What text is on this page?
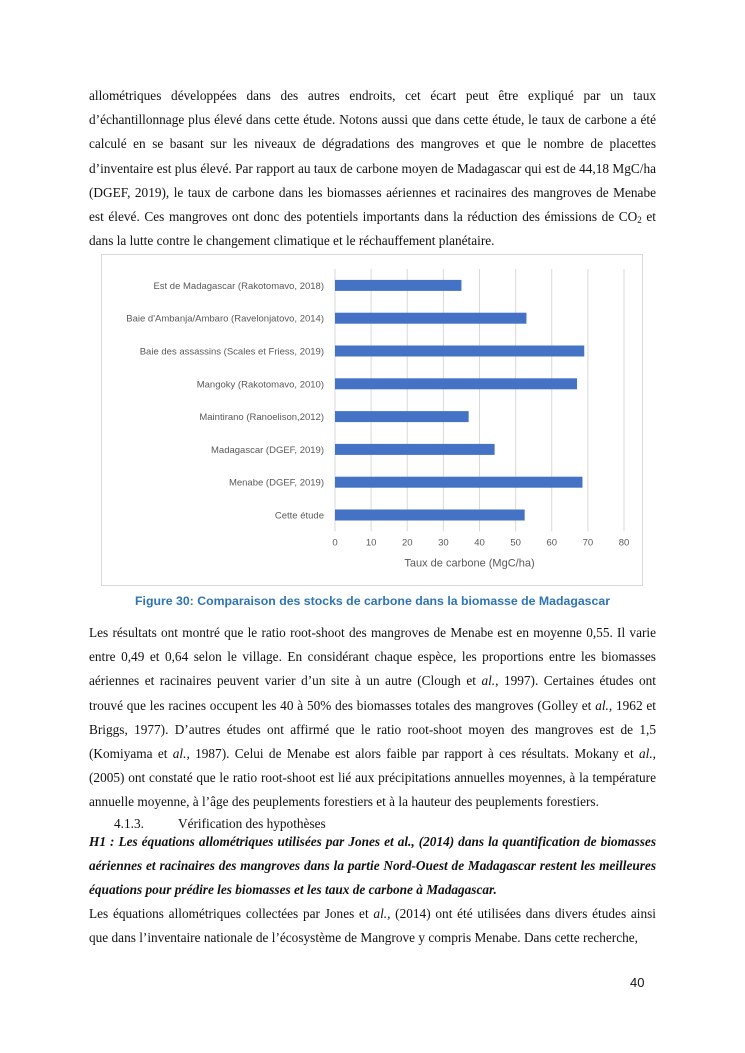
allométriques développées dans des autres endroits, cet écart peut être expliqué par un taux d’échantillonnage plus élevé dans cette étude. Notons aussi que dans cette étude, le taux de carbone a été calculé en se basant sur les niveaux de dégradations des mangroves et que le nombre de placettes d’inventaire est plus élevé. Par rapport au taux de carbone moyen de Madagascar qui est de 44,18 MgC/ha (DGEF, 2019), le taux de carbone dans les biomasses aériennes et racinaires des mangroves de Menabe est élevé. Ces mangroves ont donc des potentiels importants dans la réduction des émissions de $CO_2$ et dans la lutte contre le changement climatique et le réchauffement planétaire.

0	10	20	30	40	50	60	70	80
Est de Madagascar (Rakotomavo, 2018)
Baie d'Ambanja/Ambaro (Ravelonjatovo, 2014)
Baie des assassins (Scales et Friess, 2019)
Mangoky (Rakotomavo, 2010)
Maintirano (Ranoelison,2012)
Madagascar (DGEF, 2019)
Menabe (DGEF, 2019)
Cette étude
Taux de carbone (MgC/ha)
Figure 30: Comparaison des stocks de carbone dans la biomasse de Madagascar

Les résultats ont montré que le ratio root-shoot des mangroves de Menabe est en moyenne 0,55. Il varie entre 0,49 et 0,64 selon le village. En considérant chaque espèce, les proportions entre les biomasses aériennes et racinaires peuvent varier d’un site à un autre (Clough et al., 1997). Certaines études ont trouvé que les racines occupent les 40 à 50% des biomasses totales des mangroves (Golley et al., 1962 et Briggs, 1977). D’autres études ont affirmé que le ratio root-shoot moyen des mangroves est de 1,5 (Komiyama et al., 1987). Celui de Menabe est alors faible par rapport à ces résultats. Mokany et al., (2005) ont constaté que le ratio root-shoot est lié aux précipitations annuelles moyennes, à la température annuelle moyenne, à l’âge des peuplements forestiers et à la hauteur des peuplements forestiers.

4.1.3.	Vérification des hypothèses

H1 : Les équations allométriques utilisées par Jones et al., (2014) dans la quantification de biomasses aériennes et racinaires des mangroves dans la partie Nord-Ouest de Madagascar restent les meilleures équations pour prédire les biomasses et les taux de carbone à Madagascar.

Les équations allométriques collectées par Jones et al., (2014) ont été utilisées dans divers études ainsi que dans l’inventaire nationale de l’écosystème de Mangrove y compris Menabe. Dans cette recherche,

40
